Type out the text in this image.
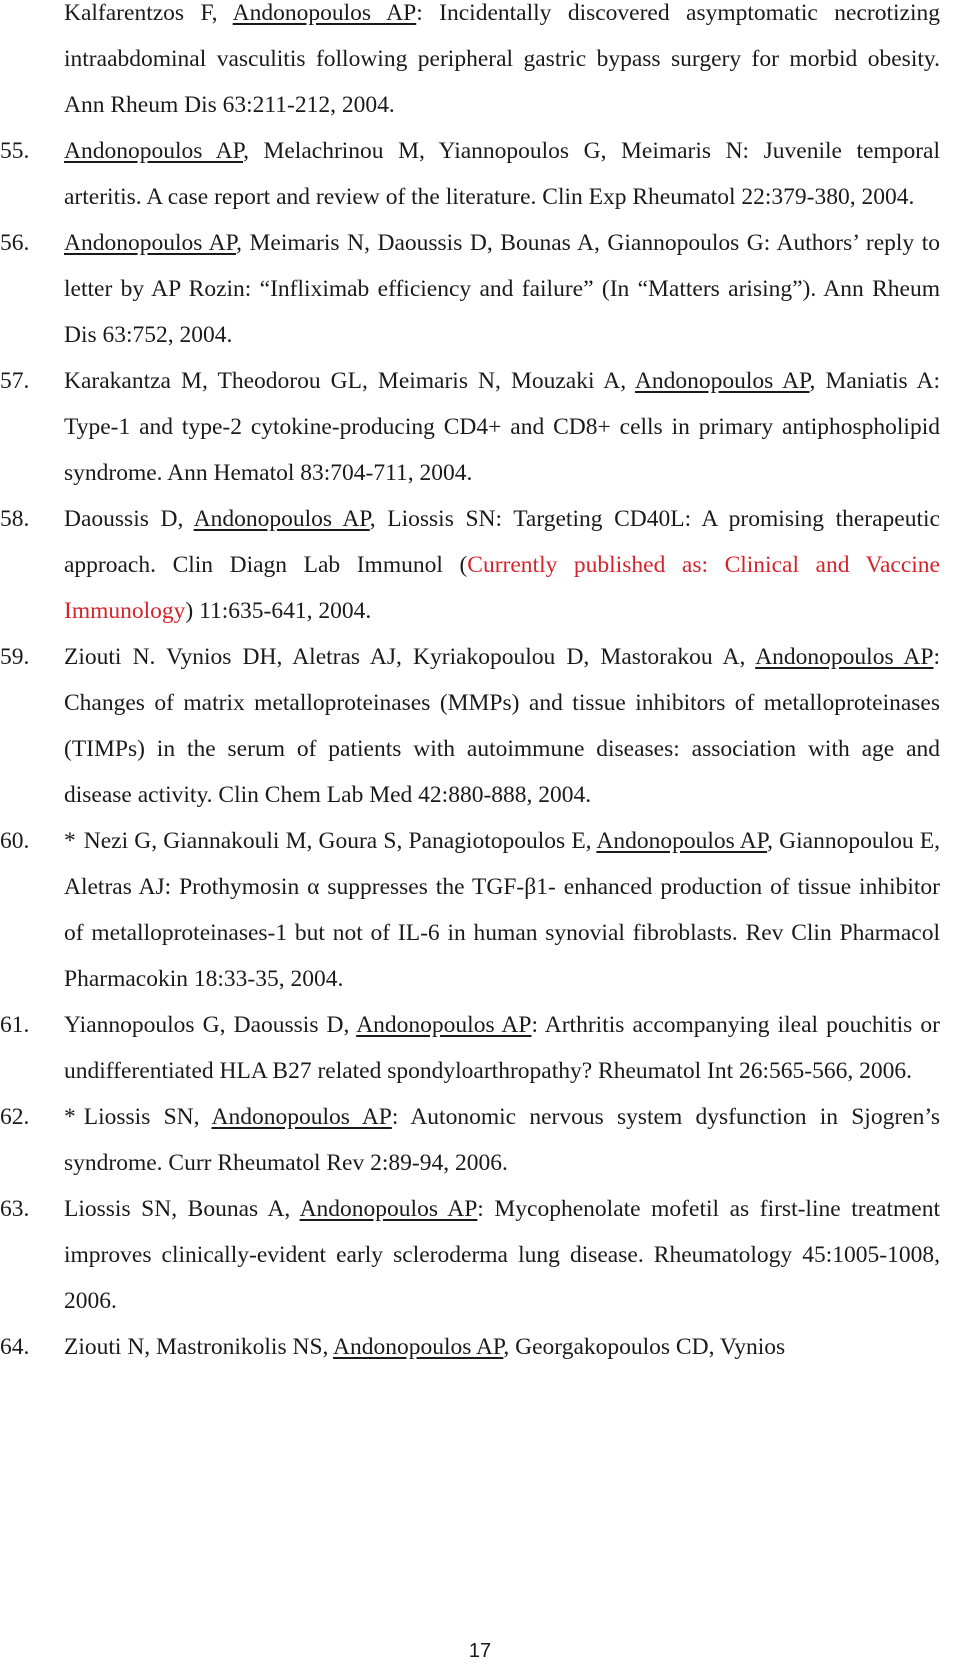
Kalfarentzos F, Andonopoulos AP: Incidentally discovered asymptomatic necrotizing intraabdominal vasculitis following peripheral gastric bypass surgery for morbid obesity. Ann Rheum Dis 63:211-212, 2004.
55.	Andonopoulos AP, Melachrinou M, Yiannopoulos G, Meimaris N: Juvenile temporal arteritis. A case report and review of the literature. Clin Exp Rheumatol 22:379-380, 2004.
56.	Andonopoulos AP, Meimaris N, Daoussis D, Bounas A, Giannopoulos G: Authors’ reply to letter by AP Rozin: “Infliximab efficiency and failure” (In “Matters arising”). Ann Rheum Dis 63:752, 2004.
57.	Karakantza M, Theodorou GL, Meimaris N, Mouzaki A, Andonopoulos AP, Maniatis A: Type-1 and type-2 cytokine-producing CD4+ and CD8+ cells in primary antiphospholipid syndrome. Ann Hematol 83:704-711, 2004.
58.	Daoussis D, Andonopoulos AP, Liossis SN: Targeting CD40L: A promising therapeutic approach. Clin Diagn Lab Immunol (Currently published as: Clinical and Vaccine Immunology) 11:635-641, 2004.
59.	Ziouti N. Vynios DH, Aletras AJ, Kyriakopoulou D, Mastorakou A, Andonopoulos AP: Changes of matrix metalloproteinases (MMPs) and tissue inhibitors of metalloproteinases (TIMPs) in the serum of patients with autoimmune diseases: association with age and disease activity. Clin Chem Lab Med 42:880-888, 2004.
60.	* Nezi G, Giannakouli M, Goura S, Panagiotopoulos E, Andonopoulos AP, Giannopoulou E, Aletras AJ: Prothymosin α suppresses the TGF-β1- enhanced production of tissue inhibitor of metalloproteinases-1 but not of IL-6 in human synovial fibroblasts. Rev Clin Pharmacol Pharmacokin 18:33-35, 2004.
61.	Yiannopoulos G, Daoussis D, Andonopoulos AP: Arthritis accompanying ileal pouchitis or undifferentiated HLA B27 related spondyloarthropathy? Rheumatol Int 26:565-566, 2006.
62.	* Liossis SN, Andonopoulos AP: Autonomic nervous system dysfunction in Sjogren’s syndrome. Curr Rheumatol Rev 2:89-94, 2006.
63.	Liossis SN, Bounas A, Andonopoulos AP: Mycophenolate mofetil as first-line treatment improves clinically-evident early scleroderma lung disease. Rheumatology 45:1005-1008, 2006.
64.	Ziouti N, Mastronikolis NS, Andonopoulos AP, Georgakopoulos CD, Vynios
17
